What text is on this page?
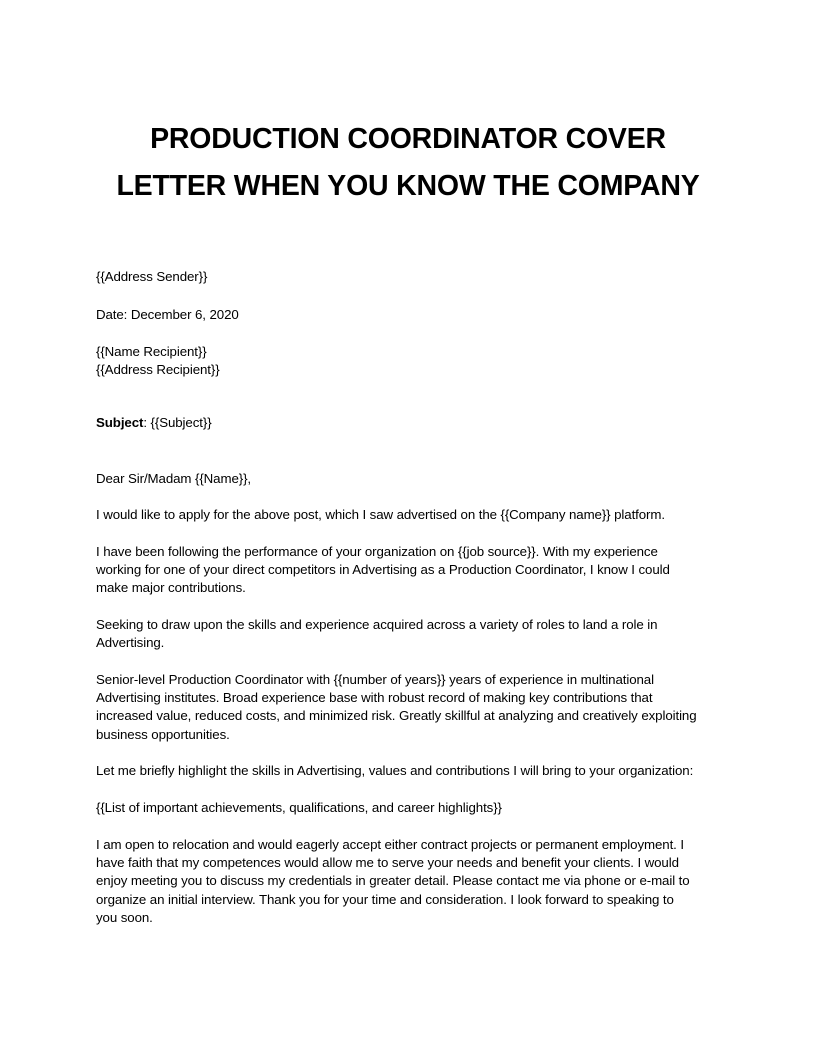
PRODUCTION COORDINATOR COVER
LETTER WHEN YOU KNOW THE COMPANY
{{Address Sender}}
Date: December 6, 2020
{{Name Recipient}}
{{Address Recipient}}
Subject: {{Subject}}
Dear Sir/Madam {{Name}},
I would like to apply for the above post, which I saw advertised on the {{Company name}} platform.
I have been following the performance of your organization on {{job source}}. With my experience
working for one of your direct competitors in Advertising as a Production Coordinator, I know I could
make major contributions.
Seeking to draw upon the skills and experience acquired across a variety of roles to land a role in
Advertising.
Senior-level Production Coordinator with {{number of years}} years of experience in multinational
Advertising institutes. Broad experience base with robust record of making key contributions that
increased value, reduced costs, and minimized risk. Greatly skillful at analyzing and creatively exploiting
business opportunities.
Let me briefly highlight the skills in Advertising, values and contributions I will bring to your organization:
{{List of important achievements, qualifications, and career highlights}}
I am open to relocation and would eagerly accept either contract projects or permanent employment. I
have faith that my competences would allow me to serve your needs and benefit your clients. I would
enjoy meeting you to discuss my credentials in greater detail. Please contact me via phone or e-mail to
organize an initial interview. Thank you for your time and consideration. I look forward to speaking to
you soon.
